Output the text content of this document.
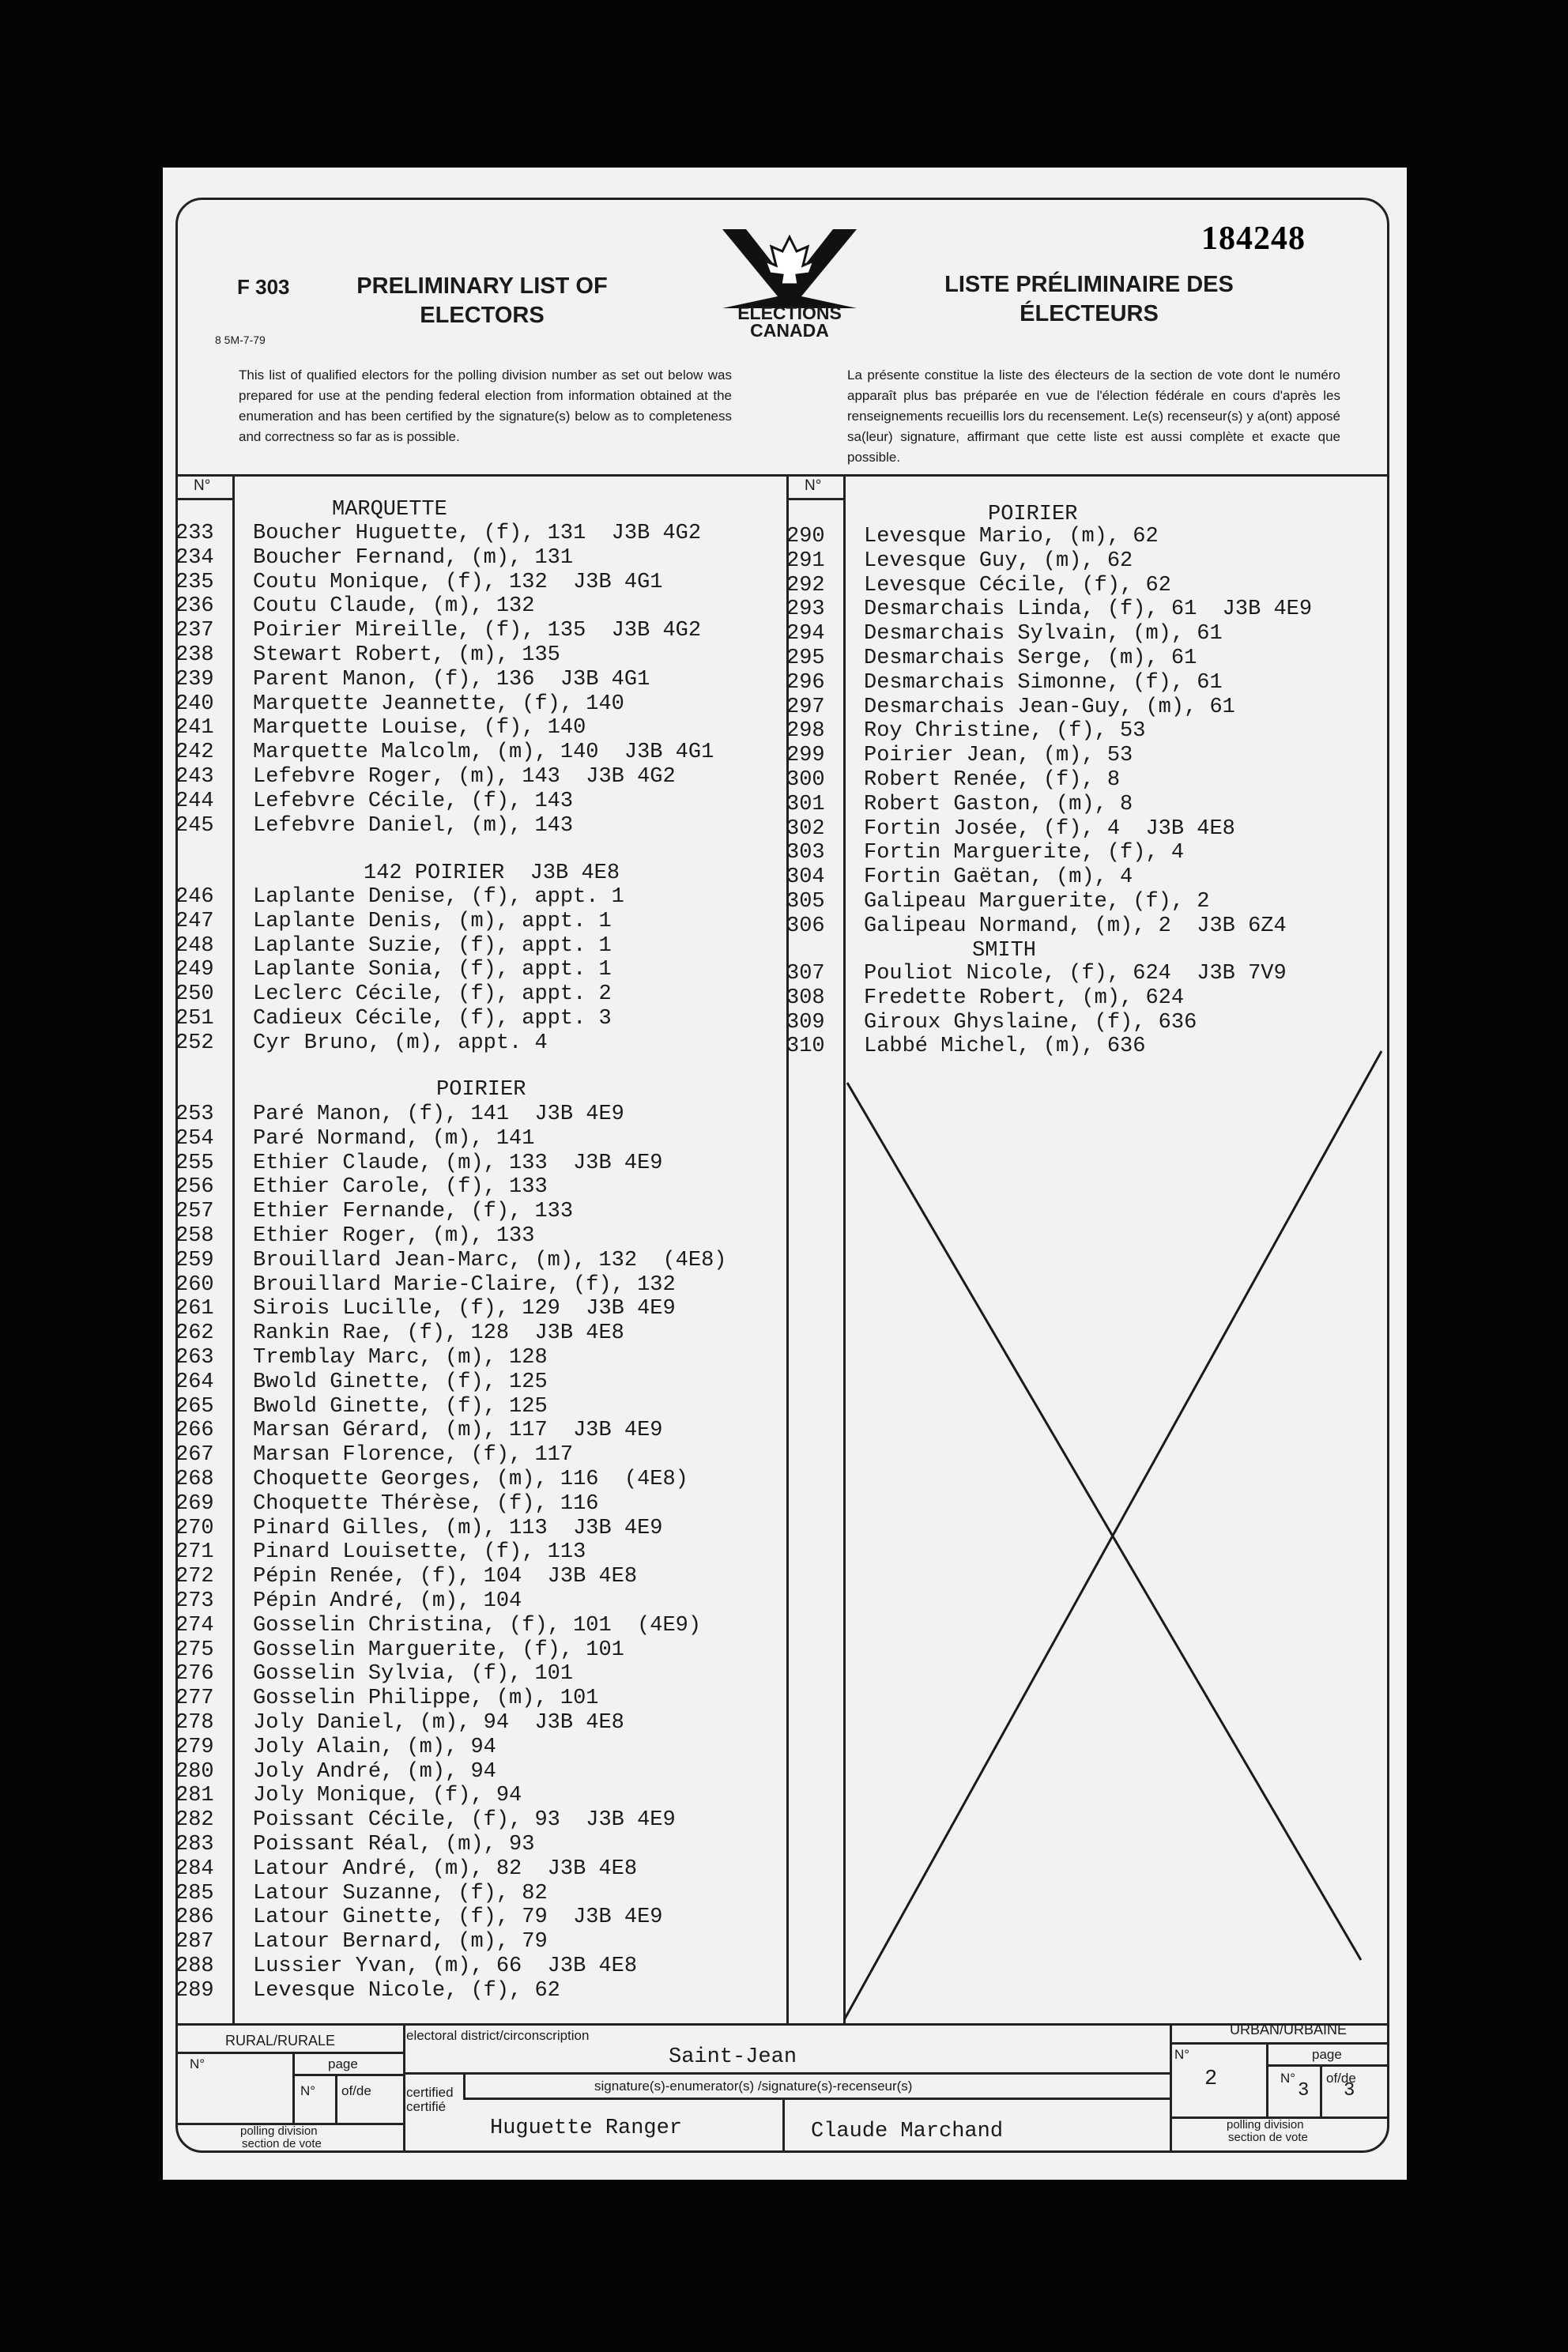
F 303
8 5M-7-79
PRELIMINARY LIST OF ELECTORS
LISTE PRÉLIMINAIRE DES ÉLECTEURS
184248
ELECTIONS CANADA
This list of qualified electors for the polling division number as set out below was prepared for use at the pending federal election from information obtained at the enumeration and has been certified by the signature(s) below as to completeness and correctness so far as is possible.
La présente constitue la liste des électeurs de la section de vote dont le numéro apparaît plus bas préparée en vue de l'élection fédérale en cours d'après les renseignements recueillis lors du recensement. Le(s) recenseur(s) y a(ont) apposé sa(leur) signature, affirmant que cette liste est aussi complète et exacte que possible.
N°	N°
MARQUETTE
233	Boucher Huguette, (f), 131  J3B 4G2
234	Boucher Fernand, (m), 131
235	Coutu Monique, (f), 132  J3B 4G1
236	Coutu Claude, (m), 132
237	Poirier Mireille, (f), 135  J3B 4G2
238	Stewart Robert, (m), 135
239	Parent Manon, (f), 136  J3B 4G1
240	Marquette Jeannette, (f), 140
241	Marquette Louise, (f), 140
242	Marquette Malcolm, (m), 140  J3B 4G1
243	Lefebvre Roger, (m), 143  J3B 4G2
244	Lefebvre Cécile, (f), 143
245	Lefebvre Daniel, (m), 143
142 POIRIER  J3B 4E8
246	Laplante Denise, (f), appt. 1
247	Laplante Denis, (m), appt. 1
248	Laplante Suzie, (f), appt. 1
249	Laplante Sonia, (f), appt. 1
250	Leclerc Cécile, (f), appt. 2
251	Cadieux Cécile, (f), appt. 3
252	Cyr Bruno, (m), appt. 4
POIRIER
253	Paré Manon, (f), 141  J3B 4E9
254	Paré Normand, (m), 141
255	Ethier Claude, (m), 133  J3B 4E9
256	Ethier Carole, (f), 133
257	Ethier Fernande, (f), 133
258	Ethier Roger, (m), 133
259	Brouillard Jean-Marc, (m), 132  (4E8)
260	Brouillard Marie-Claire, (f), 132
261	Sirois Lucille, (f), 129  J3B 4E9
262	Rankin Rae, (f), 128  J3B 4E8
263	Tremblay Marc, (m), 128
264	Bwold Ginette, (f), 125
265	Bwold Ginette, (f), 125
266	Marsan Gérard, (m), 117  J3B 4E9
267	Marsan Florence, (f), 117
268	Choquette Georges, (m), 116  (4E8)
269	Choquette Thérèse, (f), 116
270	Pinard Gilles, (m), 113  J3B 4E9
271	Pinard Louisette, (f), 113
272	Pépin Renée, (f), 104  J3B 4E8
273	Pépin André, (m), 104
274	Gosselin Christina, (f), 101  (4E9)
275	Gosselin Marguerite, (f), 101
276	Gosselin Sylvia, (f), 101
277	Gosselin Philippe, (m), 101
278	Joly Daniel, (m), 94  J3B 4E8
279	Joly Alain, (m), 94
280	Joly André, (m), 94
281	Joly Monique, (f), 94
282	Poissant Cécile, (f), 93  J3B 4E9
283	Poissant Réal, (m), 93
284	Latour André, (m), 82  J3B 4E8
285	Latour Suzanne, (f), 82
286	Latour Ginette, (f), 79  J3B 4E9
287	Latour Bernard, (m), 79
288	Lussier Yvan, (m), 66  J3B 4E8
289	Levesque Nicole, (f), 62
POIRIER
290	Levesque Mario, (m), 62
291	Levesque Guy, (m), 62
292	Levesque Cécile, (f), 62
293	Desmarchais Linda, (f), 61  J3B 4E9
294	Desmarchais Sylvain, (m), 61
295	Desmarchais Serge, (m), 61
296	Desmarchais Simonne, (f), 61
297	Desmarchais Jean-Guy, (m), 61
298	Roy Christine, (f), 53
299	Poirier Jean, (m), 53
300	Robert Renée, (f), 8
301	Robert Gaston, (m), 8
302	Fortin Josée, (f), 4  J3B 4E8
303	Fortin Marguerite, (f), 4
304	Fortin Gaëtan, (m), 4
305	Galipeau Marguerite, (f), 2
306	Galipeau Normand, (m), 2  J3B 6Z4
SMITH
307	Pouliot Nicole, (f), 624  J3B 7V9
308	Fredette Robert, (m), 624
309	Giroux Ghyslaine, (f), 636
310	Labbé Michel, (m), 636
RURAL/RURALE
N°	page
N° of/de
polling division
section de vote
electoral district/circonscription
Saint-Jean
certified
certifié
signature(s)-enumerator(s) /signature(s)-recenseur(s)
Huguette Ranger	Claude Marchand
URBAN/URBAINE
N°
2
page
N°
3
of/de
3
polling division
section de vote
